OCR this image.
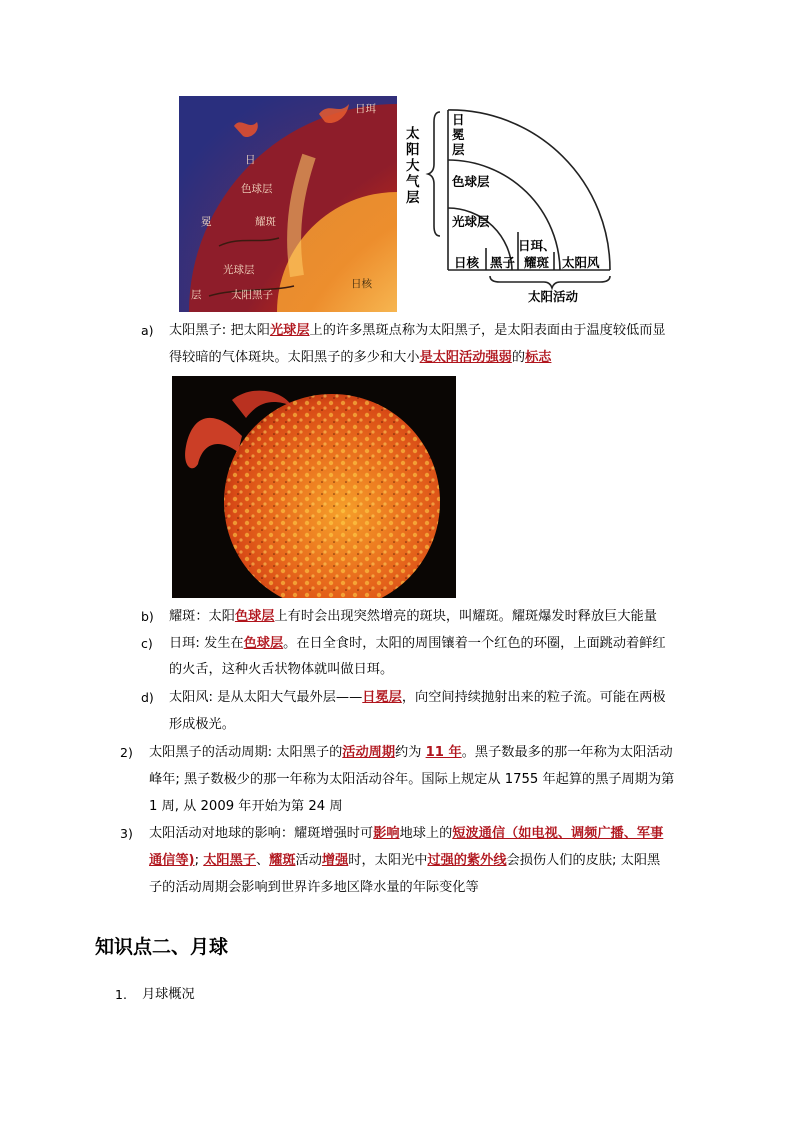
日珥
日
色球层
冕	耀斑
光球层
日核
层	太阳黑子
太阳大气层
日冕层
色球层
光球层
日珥、
日核 黑子 耀斑 太阳风
太阳活动
a) 太阳黑子: 把太阳光球层上的许多黑斑点称为太阳黑子，是太阳表面由于温度较低而显
得较暗的气体斑块。太阳黑子的多少和大小是太阳活动强弱的标志
b) 耀斑：太阳色球层上有时会出现突然增亮的斑块，叫耀斑。耀斑爆发时释放巨大能量
c) 日珥: 发生在色球层。在日全食时，太阳的周围镶着一个红色的环圈，上面跳动着鲜红
的火舌，这种火舌状物体就叫做日珥。
d) 太阳风: 是从太阳大气最外层——日冕层，向空间持续抛射出来的粒子流。可能在两极
形成极光。
2) 太阳黑子的活动周期: 太阳黑子的活动周期约为 11 年。黑子数最多的那一年称为太阳活动
峰年; 黑子数极少的那一年称为太阳活动谷年。国际上规定从 1755 年起算的黑子周期为第
1 周, 从 2009 年开始为第 24 周
3) 太阳活动对地球的影响：耀斑增强时可影响地球上的短波通信（如电视、调频广播、军事
通信等); 太阳黑子、耀斑活动增强时，太阳光中过强的紫外线会损伤人们的皮肤; 太阳黑
子的活动周期会影响到世界许多地区降水量的年际变化等
知识点二、月球
1. 月球概况
